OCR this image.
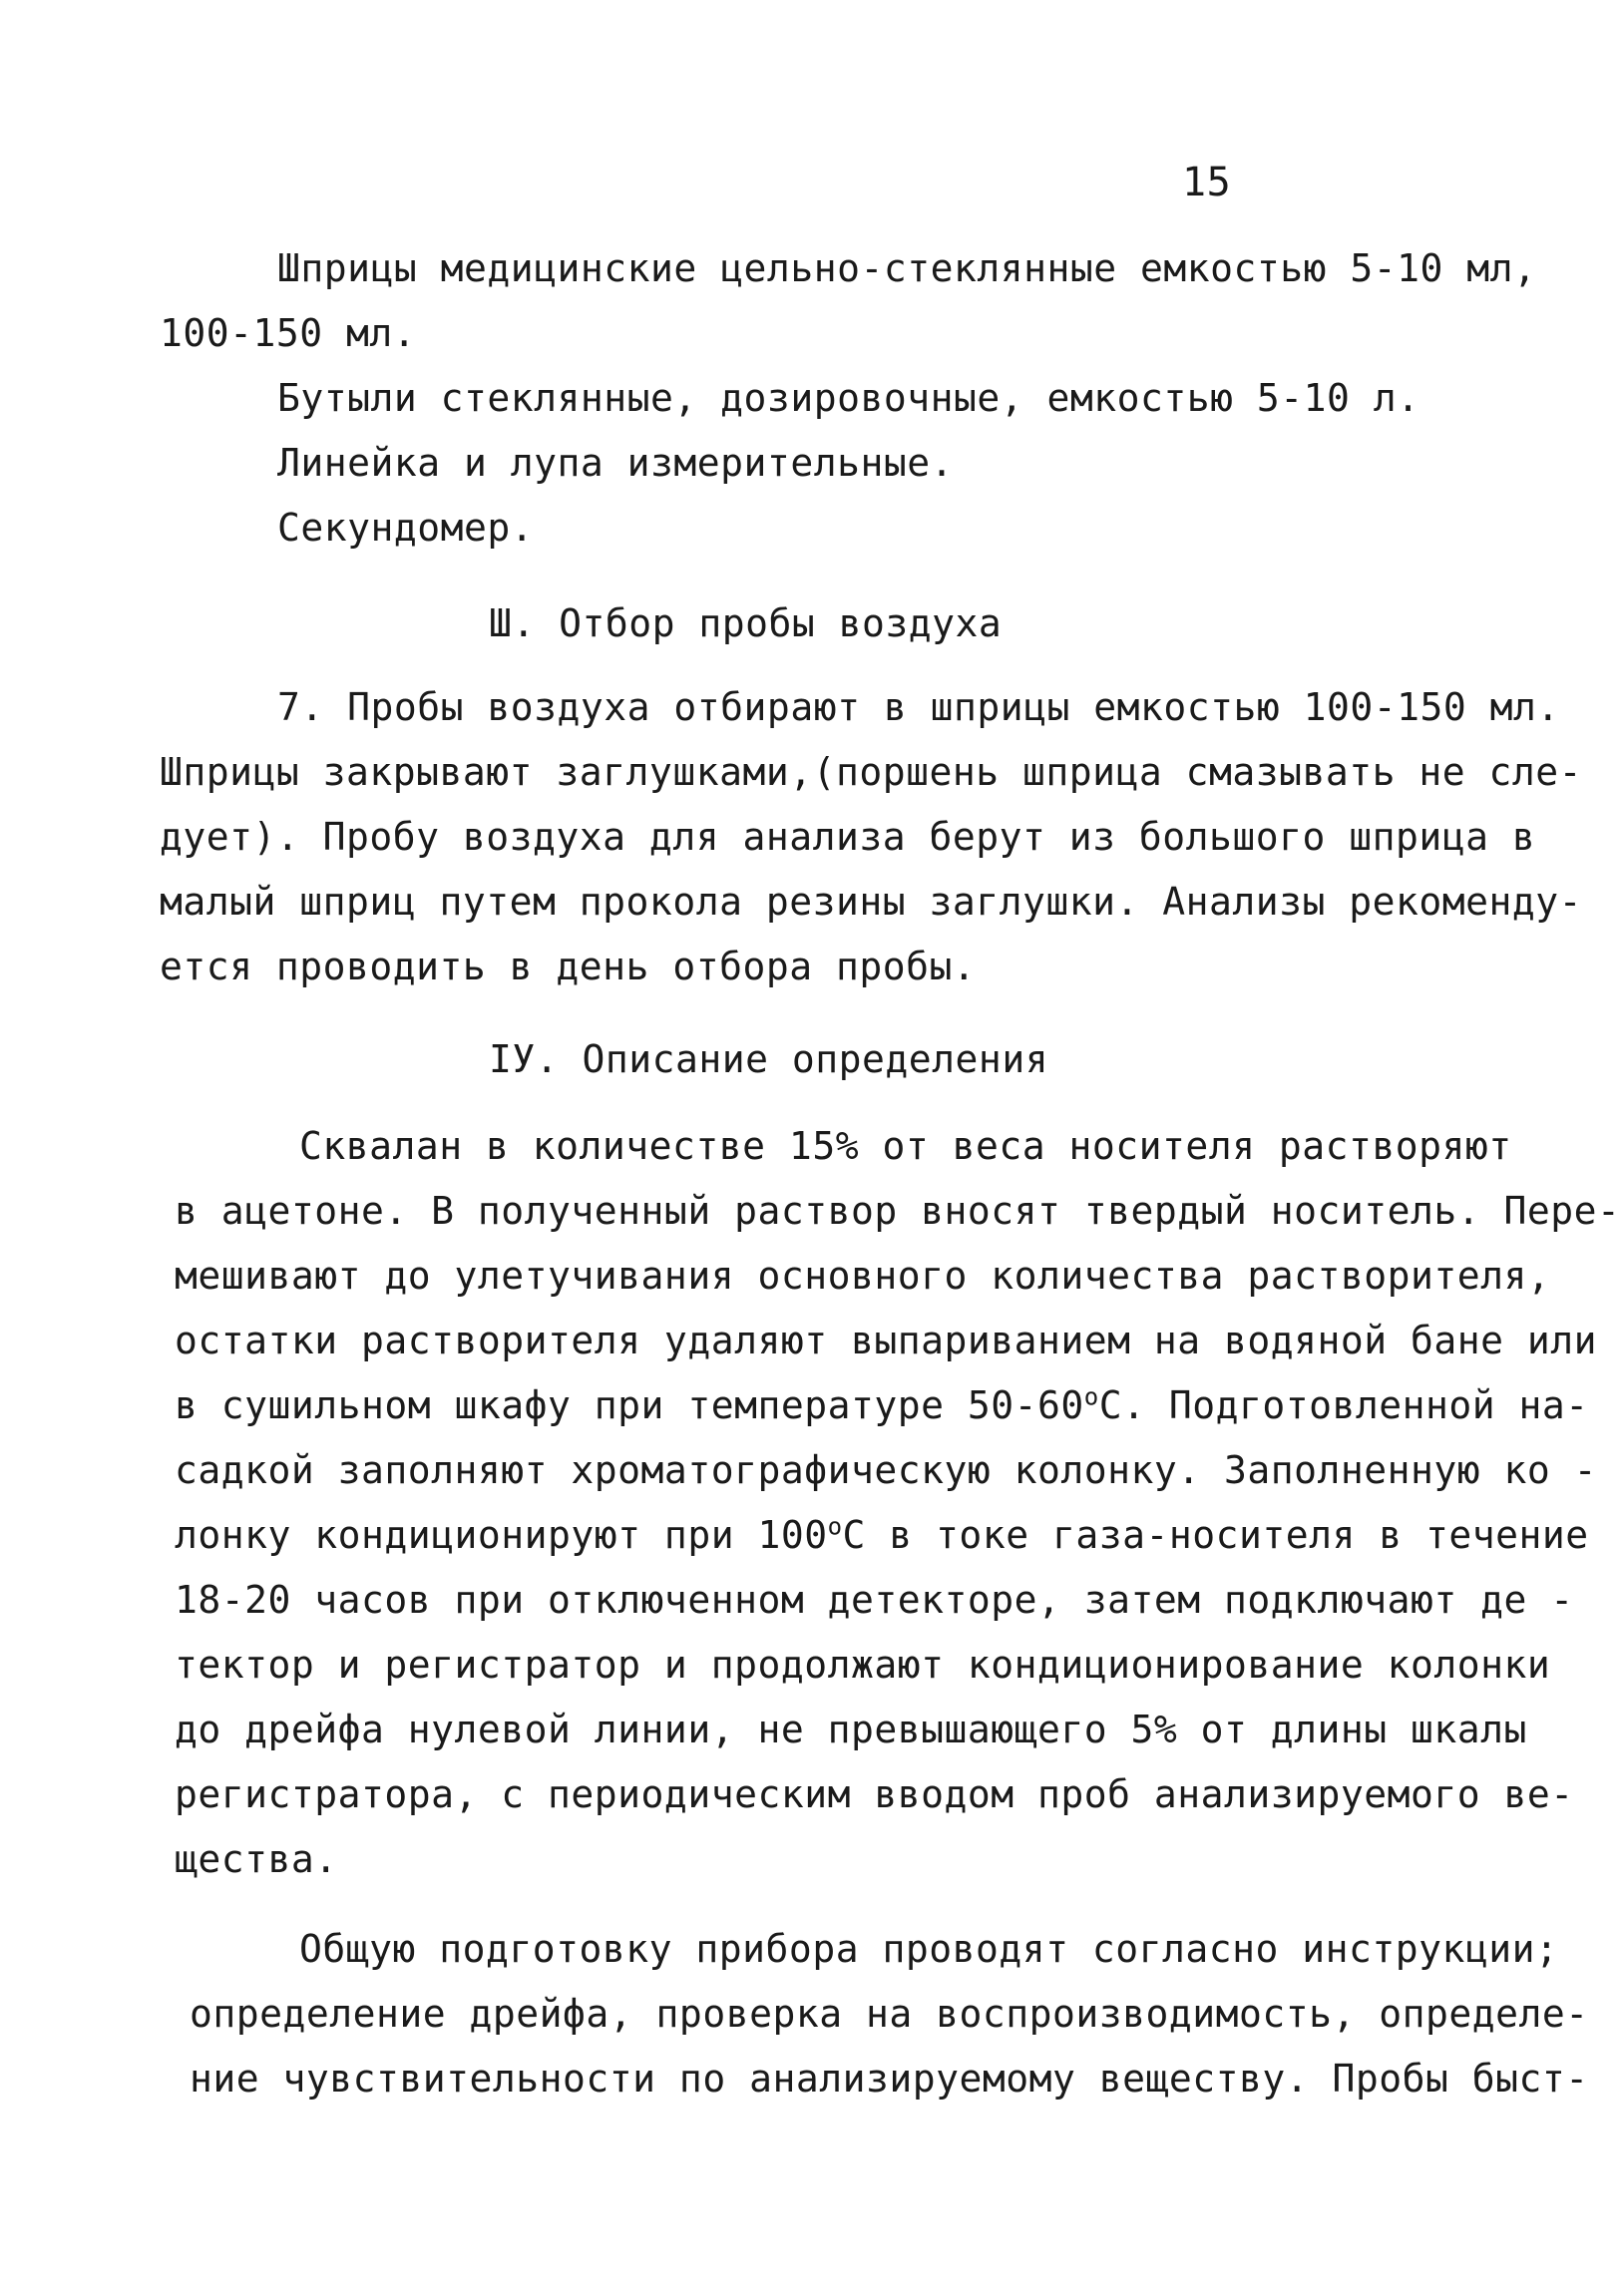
15
Шприцы медицинские цельно-стеклянные емкостью 5-10 мл,
100-150 мл.
Бутыли стеклянные, дозировочные, емкостью 5-10 л.
Линейка и лупа измерительные.
Секундомер.
Ш. Отбор пробы воздуха
7. Пробы воздуха отбирают в шприцы емкостью 100-150 мл.
Шприцы закрывают заглушками,(поршень шприца смазывать не сле-
дует). Пробу воздуха для анализа берут из большого шприца в
малый шприц путем прокола резины заглушки. Анализы рекоменду-
ется проводить в день отбора пробы.
IУ. Описание определения
Сквалан в количестве 15% от веса носителя растворяют
в ацетоне. В полученный раствор вносят твердый носитель. Пере-
мешивают до улетучивания основного количества растворителя,
остатки растворителя удаляют выпариванием на водяной бане или
в сушильном шкафу при температуре $50-60^оС$. Подготовленной на-
садкой заполняют хроматографическую колонку. Заполненную ко -
лонку кондиционируют при $100^оС$ в токе газа-носителя в течение
18-20 часов при отключенном детекторе, затем подключают де -
тектор и регистратор и продолжают кондиционирование колонки
до дрейфа нулевой линии, не превышающего 5% от длины шкалы
регистратора, с периодическим вводом проб анализируемого ве-
щества.
Общую подготовку прибора проводят согласно инструкции;
определение дрейфа, проверка на воспроизводимость, определе-
ние чувствительности по анализируемому веществу. Пробы быст-
